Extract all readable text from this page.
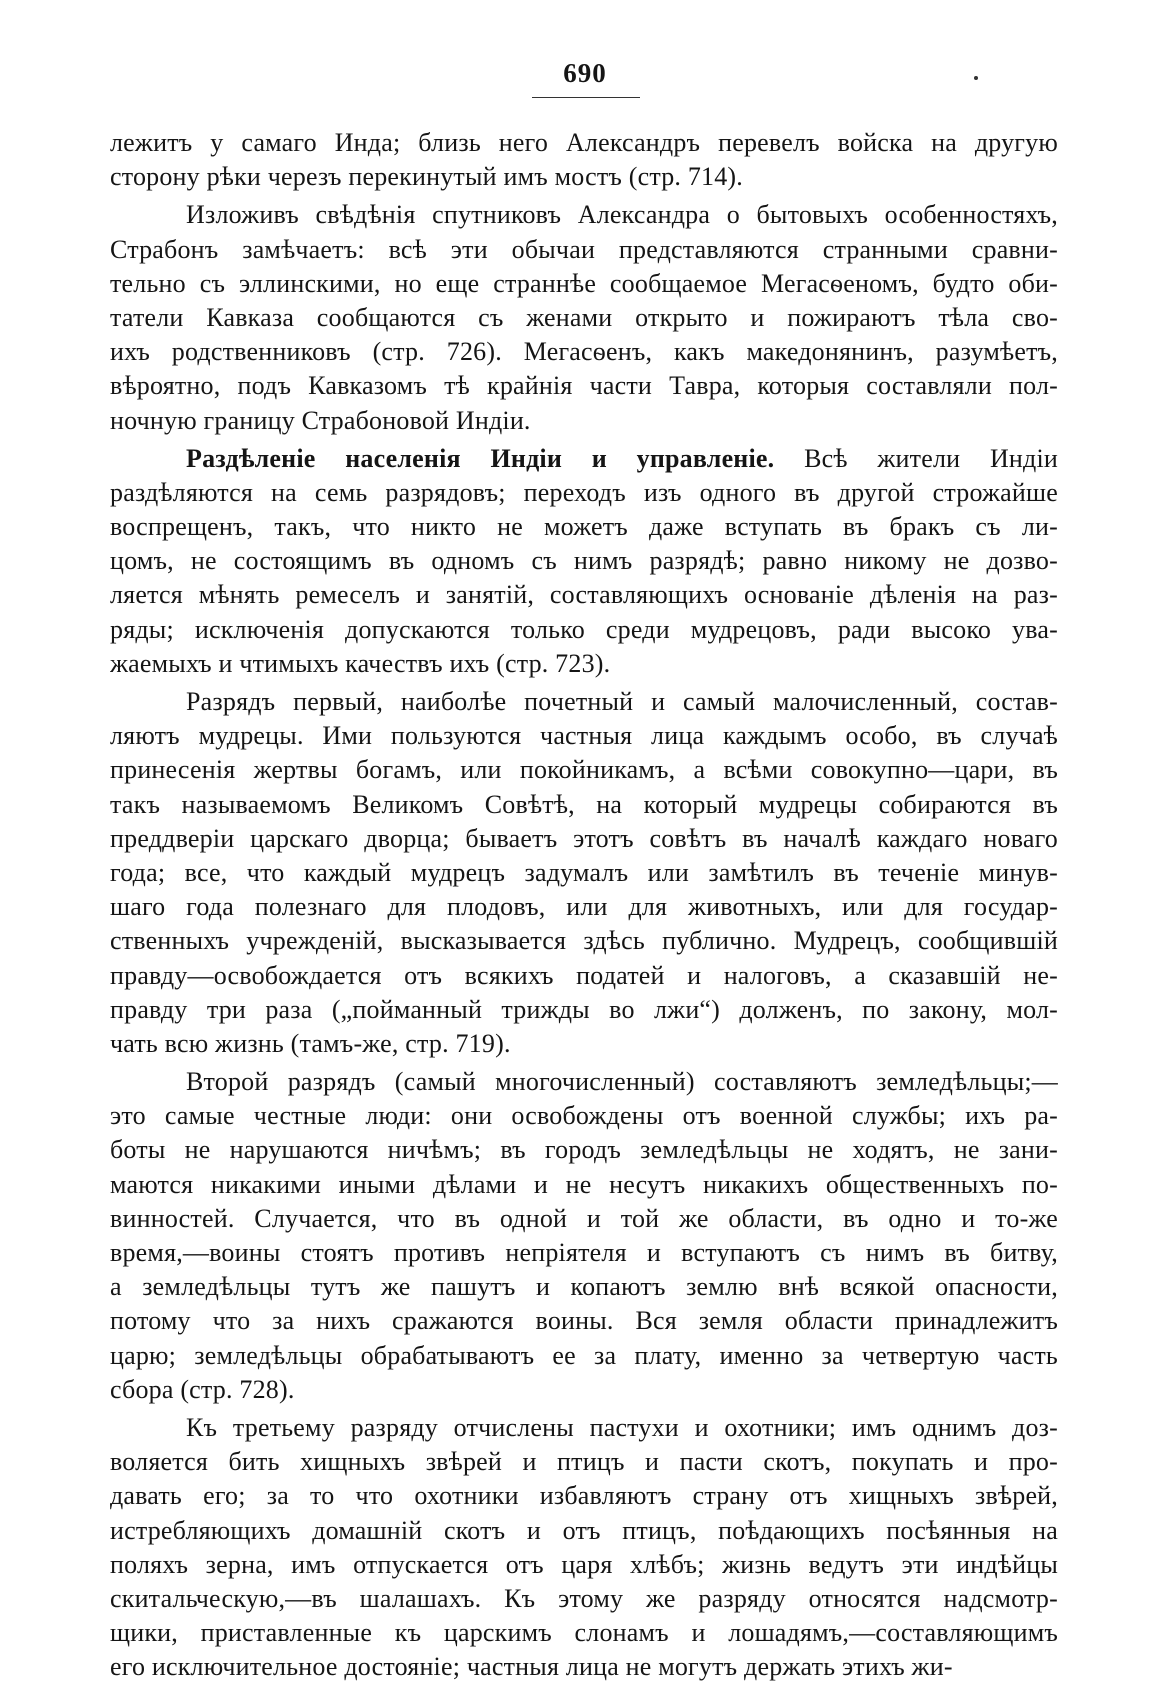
690
лежитъ у самаго Инда; близь него Александръ перевелъ войска на другую
сторону рѣки черезъ перекинутый имъ мостъ (стр. 714).
Изложивъ свѣдѣнія спутниковъ Александра о бытовыхъ особенностяхъ,
Страбонъ замѣчаетъ: всѣ эти обычаи представляются странными сравни-
тельно съ эллинскими, но еще страннѣе сообщаемое Мегасѳеномъ, будто оби-
татели Кавказа сообщаются съ женами открыто и пожираютъ тѣла сво-
ихъ родственниковъ (стр. 726). Мегасѳенъ, какъ македонянинъ, разумѣетъ,
вѣроятно, подъ Кавказомъ тѣ крайнія части Тавра, которыя составляли пол-
ночную границу Страбоновой Индіи.
Раздѣленіе населенія Индіи и управленіе. Всѣ жители Индіи
раздѣляются на семь разрядовъ; переходъ изъ одного въ другой строжайше
воспрещенъ, такъ, что никто не можетъ даже вступать въ бракъ съ ли-
цомъ, не состоящимъ въ одномъ съ нимъ разрядѣ; равно никому не дозво-
ляется мѣнять ремеселъ и занятій, составляющихъ основаніе дѣленія на раз-
ряды; исключенія допускаются только среди мудрецовъ, ради высоко ува-
жаемыхъ и чтимыхъ качествъ ихъ (стр. 723).
Разрядъ первый, наиболѣе почетный и самый малочисленный, состав-
ляютъ мудрецы. Ими пользуются частныя лица каждымъ особо, въ случаѣ
принесенія жертвы богамъ, или покойникамъ, а всѣми совокупно—цари, въ
такъ называемомъ Великомъ Совѣтѣ, на который мудрецы собираются въ
преддверіи царскаго дворца; бываетъ этотъ совѣтъ въ началѣ каждаго новаго
года; все, что каждый мудрецъ задумалъ или замѣтилъ въ теченіе минув-
шаго года полезнаго для плодовъ, или для животныхъ, или для государ-
ственныхъ учрежденій, высказывается здѣсь публично. Мудрецъ, сообщившій
правду—освобождается отъ всякихъ податей и налоговъ, а сказавшій не-
правду три раза („пойманный трижды во лжи“) долженъ, по закону, мол-
чать всю жизнь (тамъ-же, стр. 719).
Второй разрядъ (самый многочисленный) составляютъ земледѣльцы;—
это самые честные люди: они освобождены отъ военной службы; ихъ ра-
боты не нарушаются ничѣмъ; въ городъ земледѣльцы не ходятъ, не зани-
маются никакими иными дѣлами и не несутъ никакихъ общественныхъ по-
винностей. Случается, что въ одной и той же области, въ одно и то-же
время,—воины стоятъ противъ непріятеля и вступаютъ съ нимъ въ битву,
а земледѣльцы тутъ же пашутъ и копаютъ землю внѣ всякой опасности,
потому что за нихъ сражаются воины. Вся земля области принадлежитъ
царю; земледѣльцы обрабатываютъ ее за плату, именно за четвертую часть
сбора (стр. 728).
Къ третьему разряду отчислены пастухи и охотники; имъ однимъ доз-
воляется бить хищныхъ звѣрей и птицъ и пасти скотъ, покупать и про-
давать его; за то что охотники избавляютъ страну отъ хищныхъ звѣрей,
истребляющихъ домашній скотъ и отъ птицъ, поѣдающихъ посѣянныя на
поляхъ зерна, имъ отпускается отъ царя хлѣбъ; жизнь ведутъ эти индѣйцы
скитальческую,—въ шалашахъ. Къ этому же разряду относятся надсмотр-
щики, приставленные къ царскимъ слонамъ и лошадямъ,—составляющимъ
его исключительное достояніе; частныя лица не могутъ держать этихъ жи-
